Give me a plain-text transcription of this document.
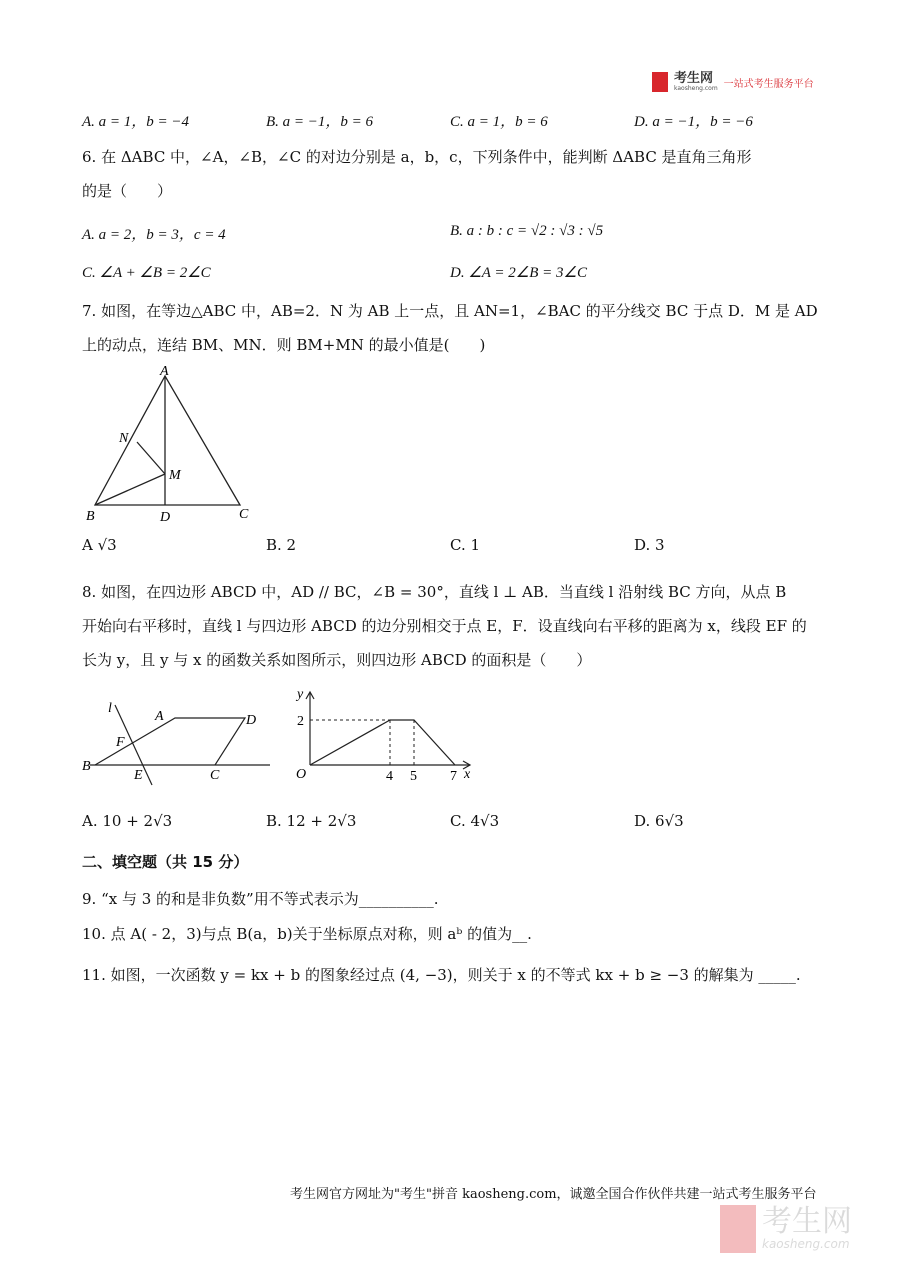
考生网
kaosheng.com 一站式考生服务平台
A. a = 1，b = −4	B. a = −1，b = 6	C. a = 1，b = 6	D. a = −1，b = −6
6. 在 ΔABC 中，∠A，∠B，∠C 的对边分别是 a，b，c，下列条件中，能判断 ΔABC 是直角三角形
的是（　　）
A. a = 2，b = 3，c = 4	B. a : b : c = √2 : √3 : √5
C. ∠A + ∠B = 2∠C	D. ∠A = 2∠B = 3∠C
7. 如图，在等边△ABC 中，AB=2．N 为 AB 上一点，且 AN=1，∠BAC 的平分线交 BC 于点 D．M 是 AD
上的动点，连结 BM、MN．则 BM+MN 的最小值是(　　)
A
N
M
B	D	C
l
A	D
F
B
E	C
y
2
O	4 5 7 x
A √3	B. 2	C. 1	D. 3
8. 如图，在四边形 ABCD 中，AD // BC，∠B = 30°，直线 l ⊥ AB．当直线 l 沿射线 BC 方向，从点 B
开始向右平移时，直线 l 与四边形 ABCD 的边分别相交于点 E，F．设直线向右平移的距离为 x，线段 EF 的
长为 y，且 y 与 x 的函数关系如图所示，则四边形 ABCD 的面积是（　　）
A. 10 + 2√3	B. 12 + 2√3	C. 4√3	D. 6√3
二、填空题（共 15 分）
9. “x 与 3 的和是非负数”用不等式表示为__________.
10. 点 A( - 2，3)与点 B(a，b)关于坐标原点对称，则 aᵇ 的值为__.
11. 如图，一次函数 y = kx + b 的图象经过点 (4, −3)，则关于 x 的不等式 kx + b ≥ −3 的解集为 _____.
考生网官方网址为"考生"拼音 kaosheng.com，诚邀全国合作伙伴共建一站式考生服务平台
考生网
kaosheng.com
